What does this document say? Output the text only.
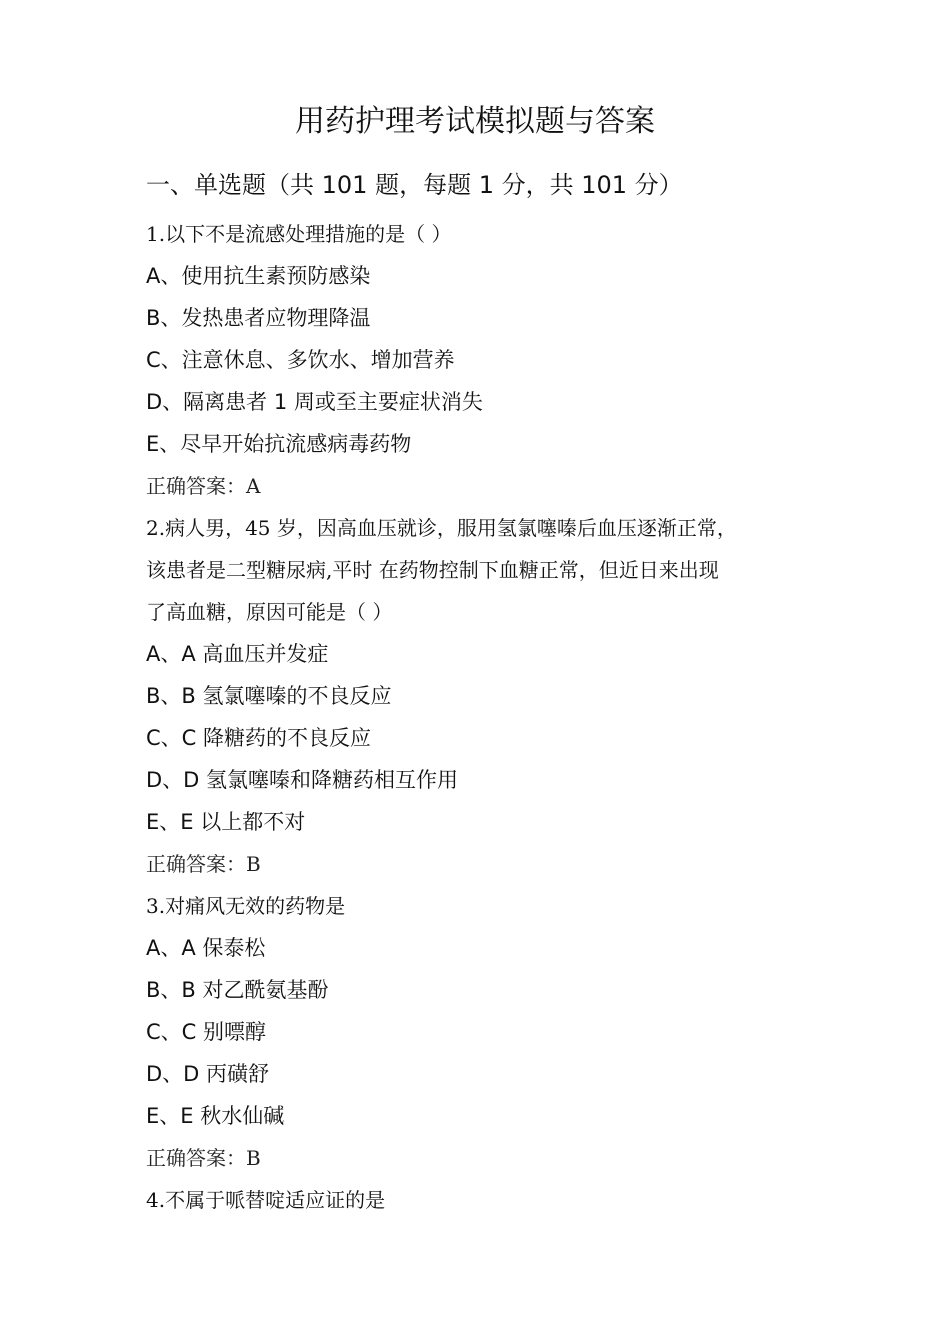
用药护理考试模拟题与答案
一、单选题（共 101 题，每题 1 分，共 101 分）
1.以下不是流感处理措施的是（ ）
A、使用抗生素预防感染
B、发热患者应物理降温
C、注意休息、多饮水、增加营养
D、隔离患者 1 周或至主要症状消失
E、尽早开始抗流感病毒药物
正确答案：A
2.病人男，45 岁，因高血压就诊，服用氢氯噻嗪后血压逐渐正常，
该患者是二型糖尿病,平时 在药物控制下血糖正常，但近日来出现
了高血糖，原因可能是（ ）
A、A 高血压并发症
B、B 氢氯噻嗪的不良反应
C、C 降糖药的不良反应
D、D 氢氯噻嗪和降糖药相互作用
E、E 以上都不对
正确答案：B
3.对痛风无效的药物是
A、A 保泰松
B、B 对乙酰氨基酚
C、C 别嘌醇
D、D 丙磺舒
E、E 秋水仙碱
正确答案：B
4.不属于哌替啶适应证的是
